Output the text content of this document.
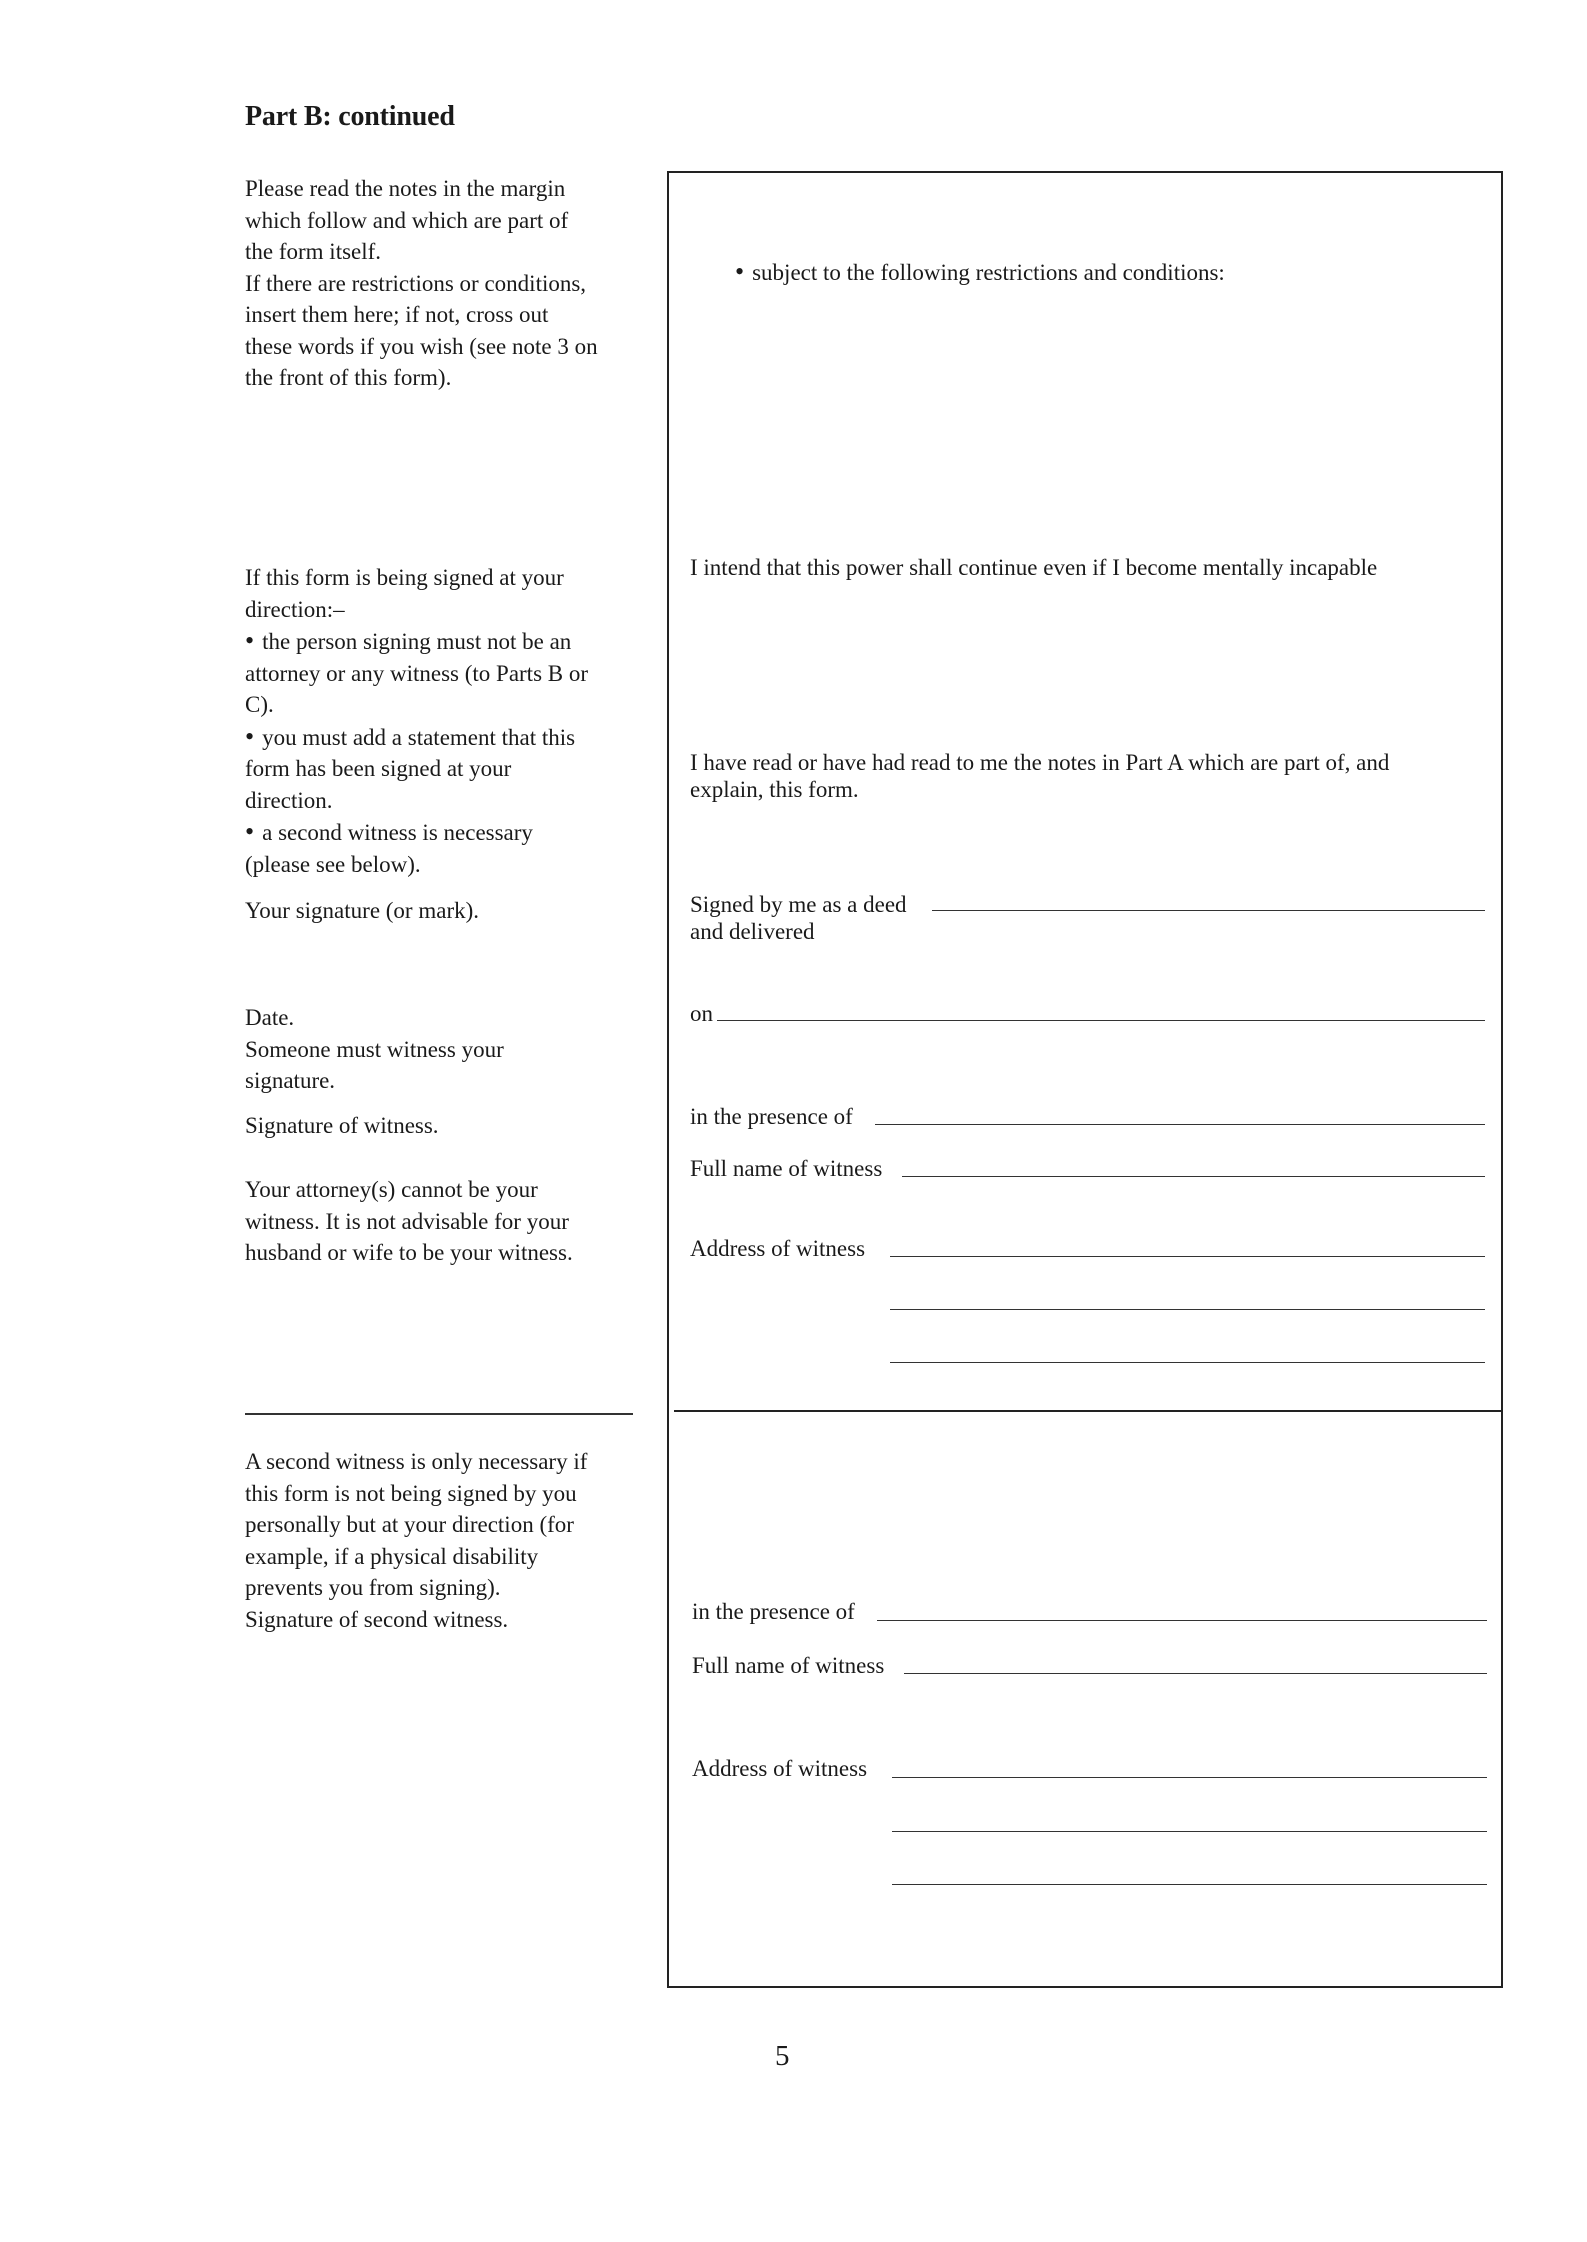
Part B: continued

Please read the notes in the margin

which follow and which are part of

the form itself.

If there are restrictions or conditions,

insert them here; if not, cross out

these words if you wish (see note 3 on

the front of this form).

If this form is being signed at your

direction:–

• the person signing must not be an

attorney or any witness (to Parts B or

C).

• you must add a statement that this

form has been signed at your

direction.

• a second witness is necessary

(please see below).

Your signature (or mark).

Date.

Someone must witness your

signature.

Signature of witness.

Your attorney(s) cannot be your

witness. It is not advisable for your

husband or wife to be your witness.

A second witness is only necessary if

this form is not being signed by you

personally but at your direction (for

example, if a physical disability

prevents you from signing).

Signature of second witness.

• subject to the following restrictions and conditions:
I intend that this power shall continue even if I become mentally incapable
I have read or have had read to me the notes in Part A which are part of, and
explain, this form.
Signed by me as a deed
and delivered
on
in the presence of
Full name of witness
Address of witness
in the presence of
Full name of witness
Address of witness
5
